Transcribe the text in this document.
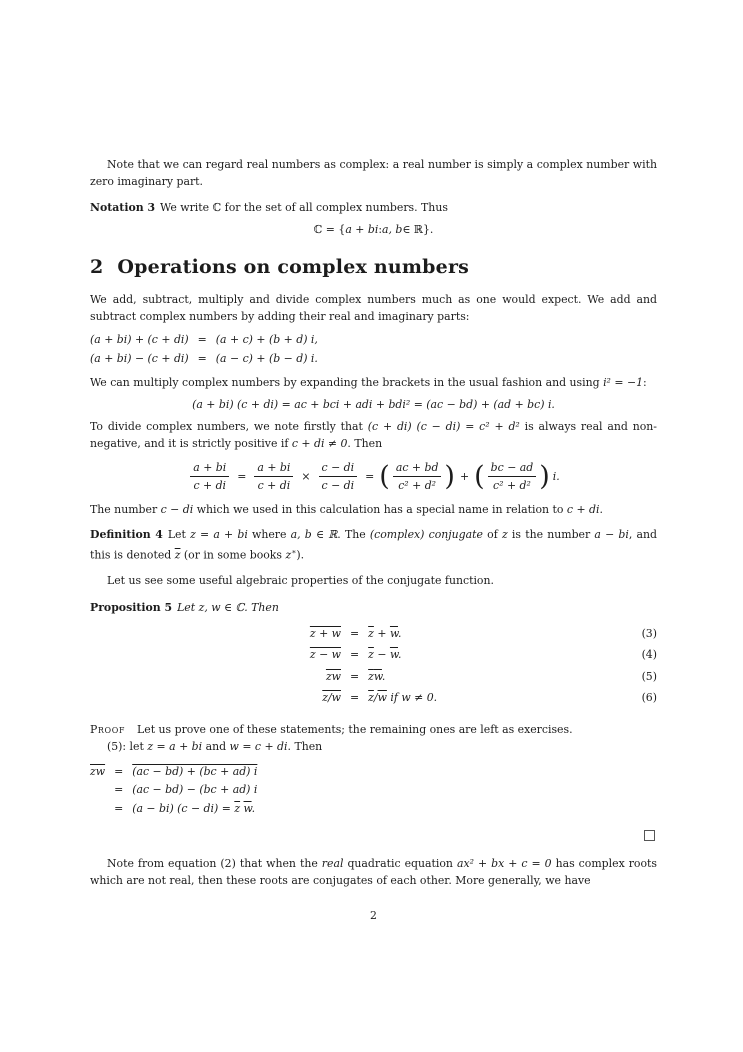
Note that we can regard real numbers as complex: a real number is simply a complex number with zero imaginary part.

Notation 3 We write ℂ for the set of all complex numbers. Thus

ℂ = { a + bi : a, b ∈ ℝ}.
2 Operations on complex numbers

We add, subtract, multiply and divide complex numbers much as one would expect. We add and subtract complex numbers by adding their real and imaginary parts:

(a + bi) + (c + di) = (a + c) + (b + d) i,
(a + bi) − (c + di) = (a − c) + (b − d) i.

We can multiply complex numbers by expanding the brackets in the usual fashion and using i² = −1:

(a + bi) (c + di) = ac + bci + adi + bdi² = (ac − bd) + (ad + bc) i.

To divide complex numbers, we note firstly that (c + di) (c − di) = c² + d² is always real and non-negative, and it is strictly positive if c + di ≠ 0. Then

$\frac{a + bi}{c + di} = \frac{a + bi}{c + di} \times \frac{c - di}{c - di}$ = ( $\frac{ac + bd}{\text{c² + d²}}$ ) + ( $\frac{bc - ad}{\text{c² + d²}}$ ) i.

The number c − di which we used in this calculation has a special name in relation to c + di.

Definition 4 Let z = a + bi where a, b ∈ ℝ. The (complex) conjugate of z is the number a − bi, and this is denoted $\overline{z}$ (or in some books z∗).

Let us see some useful algebraic properties of the conjugate function.

Proposition 5 Let z, w ∈ ℂ. Then

$z + w = \overline{z} + \overline{w}$.
$z - w = \overline{z} - \overline{w}$.
$\overline{zw} = \overline{z}\overline{w}$.
$z/w = \overline{z}/\overline{w}$ if w ≠ 0.
(3)
(4)
(5)
(6)

Proof Let us prove one of these statements; the remaining ones are left as exercises.

(5): let z = a + bi and w = c + di. Then

$\overline{zw} = (ac - bd) + (bc + ad)$ i
= (ac − bd) − (bc + ad) i
= (a − bi) $(c - di) = \overline{z}$ $\overline{w}$.

Note from equation (2) that when the real quadratic equation ax² + bx + c = 0 has complex roots which are not real, then these roots are conjugates of each other. More generally, we have

2
